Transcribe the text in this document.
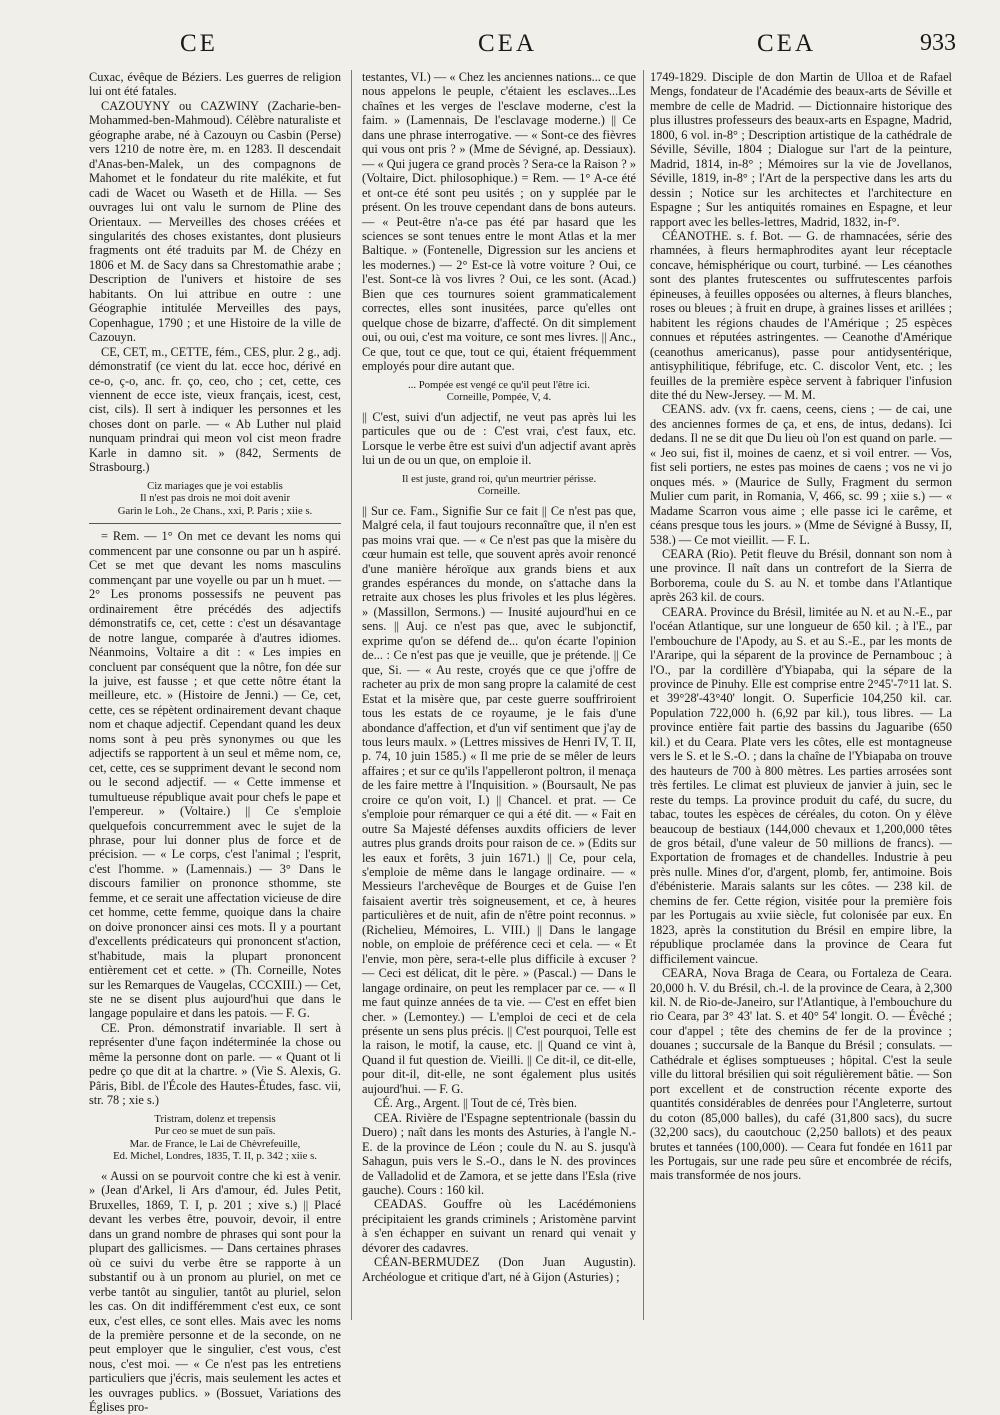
CE	CEA	CEA	933

Cuxac, évêque de Béziers. Les guerres de religion lui ont été fatales.

CAZOUYNY ou CAZWINY (Zacharie-ben-Mohammed-ben-Mahmoud). Célèbre naturaliste et géographe arabe, né à Cazouyn ou Casbin (Perse) vers 1210 de notre ère, m. en 1283. Il descendait d'Anas-ben-Malek, un des compagnons de Mahomet et le fondateur du rite malékite, et fut cadi de Wacet ou Waseth et de Hilla. — Ses ouvrages lui ont valu le surnom de Pline des Orientaux. — Merveilles des choses créées et singularités des choses existantes, dont plusieurs fragments ont été traduits par M. de Chézy en 1806 et M. de Sacy dans sa Chrestomathie arabe ; Description de l'univers et histoire de ses habitants. On lui attribue en outre : une Géographie intitulée Merveilles des pays, Copenhague, 1790 ; et une Histoire de la ville de Cazouyn.

CE, CET, m., CETTE, fém., CES, plur. 2 g., adj. démonstratif (ce vient du lat. ecce hoc, dérivé en ce-o, ç-o, anc. fr. ço, ceo, cho ; cet, cette, ces viennent de ecce iste, vieux français, icest, cest, cist, cils). Il sert à indiquer les personnes et les choses dont on parle. — « Ab Luther nul plaid nunquam prindrai qui meon vol cist meon fradre Karle in damno sit. » (842, Serments de Strasbourg.)

Ciz mariages que je voi establis
Il n'est pas drois ne moi doit avenir
Garin le Loh., 2e Chans., xxi, P. Paris ; xiie s.

= Rem. — 1° On met ce devant les noms qui commencent par une consonne ou par un h aspiré. Cet se met que devant les noms masculins commençant par une voyelle ou par un h muet. — 2° Les pronoms possessifs ne peuvent pas ordinairement être précédés des adjectifs démonstratifs ce, cet, cette : c'est un désavantage de notre langue, comparée à d'autres idiomes. Néanmoins, Voltaire a dit : « Les impies en concluent par conséquent que la nôtre, fon dée sur la juive, est fausse ; et que cette nôtre étant la meilleure, etc. » (Histoire de Jenni.) — Ce, cet, cette, ces se répètent ordinairement devant chaque nom et chaque adjectif. Cependant quand les deux noms sont à peu près synonymes ou que les adjectifs se rapportent à un seul et même nom, ce, cet, cette, ces se suppriment devant le second nom ou le second adjectif. — « Cette immense et tumultueuse république avait pour chefs le pape et l'empereur. » (Voltaire.) || Ce s'emploie quelquefois concurremment avec le sujet de la phrase, pour lui donner plus de force et de précision. — « Le corps, c'est l'animal ; l'esprit, c'est l'homme. » (Lamennais.) — 3° Dans le discours familier on prononce sthomme, ste femme, et ce serait une affectation vicieuse de dire cet homme, cette femme, quoique dans la chaire on doive prononcer ainsi ces mots. Il y a pourtant d'excellents prédicateurs qui prononcent st'action, st'habitude, mais la plupart prononcent entièrement cet et cette. » (Th. Corneille, Notes sur les Remarques de Vaugelas, CCCXIII.) — Cet, ste ne se disent plus aujourd'hui que dans le langage populaire et dans les patois. — F. G.

CE. Pron. démonstratif invariable. Il sert à représenter d'une façon indéterminée la chose ou même la personne dont on parle. — « Quant ot li pedre ço que dit at la chartre. » (Vie S. Alexis, G. Pâris, Bibl. de l'École des Hautes-Études, fasc. vii, str. 78 ; xie s.)

Tristram, dolenz et trepensis
Pur ceo se muet de sun païs.
Mar. de France, le Lai de Chèvrefeuille,
Ed. Michel, Londres, 1835, T. II, p. 342 ; xiie s.

« Aussi on se pourvoit contre che ki est à venir. » (Jean d'Arkel, li Ars d'amour, éd. Jules Petit, Bruxelles, 1869, T. I, p. 201 ; xive s.) || Placé devant les verbes être, pouvoir, devoir, il entre dans un grand nombre de phrases qui sont pour la plupart des gallicismes. — Dans certaines phrases où ce suivi du verbe être se rapporte à un substantif ou à un pronom au pluriel, on met ce verbe tantôt au singulier, tantôt au pluriel, selon les cas. On dit indifféremment c'est eux, ce sont eux, c'est elles, ce sont elles. Mais avec les noms de la première personne et de la seconde, on ne peut employer que le singulier, c'est vous, c'est nous, c'est moi. — « Ce n'est pas les entretiens particuliers que j'écris, mais seulement les actes et les ouvrages publics. » (Bossuet, Variations des Églises pro-

testantes, VI.) — « Chez les anciennes nations... ce que nous appelons le peuple, c'étaient les esclaves...Les chaînes et les verges de l'esclave moderne, c'est la faim. » (Lamennais, De l'esclavage moderne.) || Ce dans une phrase interrogative. — « Sont-ce des fièvres qui vous ont pris ? » (Mme de Sévigné, ap. Dessiaux). — « Qui jugera ce grand procès ? Sera-ce la Raison ? » (Voltaire, Dict. philosophique.) = Rem. — 1° A-ce été et ont-ce été sont peu usités ; on y supplée par le présent. On les trouve cependant dans de bons auteurs. — « Peut-être n'a-ce pas été par hasard que les sciences se sont tenues entre le mont Atlas et la mer Baltique. » (Fontenelle, Digression sur les anciens et les modernes.) — 2° Est-ce là votre voiture ? Oui, ce l'est. Sont-ce là vos livres ? Oui, ce les sont. (Acad.) Bien que ces tournures soient grammaticalement correctes, elles sont inusitées, parce qu'elles ont quelque chose de bizarre, d'affecté. On dit simplement oui, ou oui, c'est ma voiture, ce sont mes livres. || Anc., Ce que, tout ce que, tout ce qui, étaient fréquemment employés pour dire autant que.

... Pompée est vengé ce qu'il peut l'être ici.
Corneille, Pompée, V, 4.

|| C'est, suivi d'un adjectif, ne veut pas après lui les particules que ou de : C'est vrai, c'est faux, etc. Lorsque le verbe être est suivi d'un adjectif avant après lui un de ou un que, on emploie il.

Il est juste, grand roi, qu'un meurtrier périsse.
Corneille.

|| Sur ce. Fam., Signifie Sur ce fait || Ce n'est pas que, Malgré cela, il faut toujours reconnaître que, il n'en est pas moins vrai que. — « Ce n'est pas que la misère du cœur humain est telle, que souvent après avoir renoncé d'une manière héroïque aux grands biens et aux grandes espérances du monde, on s'attache dans la retraite aux choses les plus frivoles et les plus légères. » (Massillon, Sermons.) — Inusité aujourd'hui en ce sens. || Auj. ce n'est pas que, avec le subjonctif, exprime qu'on se défend de... qu'on écarte l'opinion de... : Ce n'est pas que je veuille, que je prétende. || Ce que, Si. — « Au reste, croyés que ce que j'offre de racheter au prix de mon sang propre la calamité de cest Estat et la misère que, par ceste guerre souffriroient tous les estats de ce royaume, je le fais d'une abondance d'affection, et d'un vif sentiment que j'ay de tous leurs maulx. » (Lettres missives de Henri IV, T. II, p. 74, 10 juin 1585.) « Il me prie de se mêler de leurs affaires ; et sur ce qu'ils l'appelleront poltron, il menaça de les faire mettre à l'Inquisition. » (Boursault, Ne pas croire ce qu'on voit, I.) || Chancel. et prat. — Ce s'emploie pour rémarquer ce qui a été dit. — « Fait en outre Sa Majesté défenses auxdits officiers de lever autres plus grands droits pour raison de ce. » (Edits sur les eaux et forêts, 3 juin 1671.) || Ce, pour cela, s'emploie de même dans le langage ordinaire. — « Messieurs l'archevêque de Bourges et de Guise l'en faisaient avertir très soigneusement, et ce, à heures particulières et de nuit, afin de n'être point reconnus. » (Richelieu, Mémoires, L. VIII.) || Dans le langage noble, on emploie de préférence ceci et cela. — « Et l'envie, mon père, sera-t-elle plus difficile à excuser ? — Ceci est délicat, dit le père. » (Pascal.) — Dans le langage ordinaire, on peut les remplacer par ce. — « Il me faut quinze années de ta vie. — C'est en effet bien cher. » (Lemontey.) — L'emploi de ceci et de cela présente un sens plus précis. || C'est pourquoi, Telle est la raison, le motif, la cause, etc. || Quand ce vint à, Quand il fut question de. Vieilli. || Ce dit-il, ce dit-elle, pour dit-il, dit-elle, ne sont également plus usités aujourd'hui. — F. G.

CÉ. Arg., Argent. || Tout de cé, Très bien.

CEA. Rivière de l'Espagne septentrionale (bassin du Duero) ; naît dans les monts des Asturies, à l'angle N.-E. de la province de Léon ; coule du N. au S. jusqu'à Sahagun, puis vers le S.-O., dans le N. des provinces de Valladolid et de Zamora, et se jette dans l'Esla (rive gauche). Cours : 160 kil.

CEADAS. Gouffre où les Lacédémoniens précipitaient les grands criminels ; Aristomène parvint à s'en échapper en suivant un renard qui venait y dévorer des cadavres.

CÉAN-BERMUDEZ (Don Juan Augustin). Archéologue et critique d'art, né à Gijon (Asturies) ;

1749-1829. Disciple de don Martin de Ulloa et de Rafael Mengs, fondateur de l'Académie des beaux-arts de Séville et membre de celle de Madrid. — Dictionnaire historique des plus illustres professeurs des beaux-arts en Espagne, Madrid, 1800, 6 vol. in-8° ; Description artistique de la cathédrale de Séville, Séville, 1804 ; Dialogue sur l'art de la peinture, Madrid, 1814, in-8° ; Mémoires sur la vie de Jovellanos, Séville, 1819, in-8° ; l'Art de la perspective dans les arts du dessin ; Notice sur les architectes et l'architecture en Espagne ; Sur les antiquités romaines en Espagne, et leur rapport avec les belles-lettres, Madrid, 1832, in-f°.

CÉANOTHE. s. f. Bot. — G. de rhamnacées, série des rhamnées, à fleurs hermaphrodites ayant leur réceptacle concave, hémisphérique ou court, turbiné. — Les céanothes sont des plantes frutescentes ou suffrutescentes parfois épineuses, à feuilles opposées ou alternes, à fleurs blanches, roses ou bleues ; à fruit en drupe, à graines lisses et arillées ; habitent les régions chaudes de l'Amérique ; 25 espèces connues et réputées astringentes. — Ceanothe d'Amérique (ceanothus americanus), passe pour antidysentérique, antisyphilitique, fébrifuge, etc. C. discolor Vent, etc. ; les feuilles de la première espèce servent à fabriquer l'infusion dite thé du New-Jersey. — M. M.

CEANS. adv. (vx fr. caens, ceens, ciens ; — de cai, une des anciennes formes de ça, et ens, de intus, dedans). Ici dedans. Il ne se dit que Du lieu où l'on est quand on parle. — « Jeo sui, fist il, moines de caenz, et si voil entrer. — Vos, fist seli portiers, ne estes pas moines de caens ; vos ne vi jo onques més. » (Maurice de Sully, Fragment du sermon Mulier cum parit, in Romania, V, 466, sc. 99 ; xiie s.) — « Madame Scarron vous aime ; elle passe ici le carême, et céans presque tous les jours. » (Mme de Sévigné à Bussy, II, 538.) — Ce mot vieillit. — F. L.

CEARA (Rio). Petit fleuve du Brésil, donnant son nom à une province. Il naît dans un contrefort de la Sierra de Borborema, coule du S. au N. et tombe dans l'Atlantique après 263 kil. de cours.

CEARA. Province du Brésil, limitée au N. et au N.-E., par l'océan Atlantique, sur une longueur de 650 kil. ; à l'E., par l'embouchure de l'Apody, au S. et au S.-E., par les monts de l'Araripe, qui la séparent de la province de Pernambouc ; à l'O., par la cordillère d'Ybiapaba, qui la sépare de la province de Pinuhy. Elle est comprise entre 2°45'-7°11 lat. S. et 39°28'-43°40' longit. O. Superficie 104,250 kil. car. Population 722,000 h. (6,92 par kil.), tous libres. — La province entière fait partie des bassins du Jaguaribe (650 kil.) et du Ceara. Plate vers les côtes, elle est montagneuse vers le S. et le S.-O. ; dans la chaîne de l'Ybiapaba on trouve des hauteurs de 700 à 800 mètres. Les parties arrosées sont très fertiles. Le climat est pluvieux de janvier à juin, sec le reste du temps. La province produit du café, du sucre, du tabac, toutes les espèces de céréales, du coton. On y élève beaucoup de bestiaux (144,000 chevaux et 1,200,000 têtes de gros bétail, d'une valeur de 50 millions de francs). — Exportation de fromages et de chandelles. Industrie à peu près nulle. Mines d'or, d'argent, plomb, fer, antimoine. Bois d'ébénisterie. Marais salants sur les côtes. — 238 kil. de chemins de fer. Cette région, visitée pour la première fois par les Portugais au xviie siècle, fut colonisée par eux. En 1823, après la constitution du Brésil en empire libre, la république proclamée dans la province de Ceara fut difficilement vaincue.

CEARA, Nova Braga de Ceara, ou Fortaleza de Ceara. 20,000 h. V. du Brésil, ch.-l. de la province de Ceara, à 2,300 kil. N. de Rio-de-Janeiro, sur l'Atlantique, à l'embouchure du rio Ceara, par 3° 43' lat. S. et 40° 54' longit. O. — Évêché ; cour d'appel ; tête des chemins de fer de la province ; douanes ; succursale de la Banque du Brésil ; consulats. — Cathédrale et églises somptueuses ; hôpital. C'est la seule ville du littoral brésilien qui soit régulièrement bâtie. — Son port excellent et de construction récente exporte des quantités considérables de denrées pour l'Angleterre, surtout du coton (85,000 balles), du café (31,800 sacs), du sucre (32,200 sacs), du caoutchouc (2,250 ballots) et des peaux brutes et tannées (100,000). — Ceara fut fondée en 1611 par les Portugais, sur une rade peu sûre et encombrée de récifs, mais transformée de nos jours.
